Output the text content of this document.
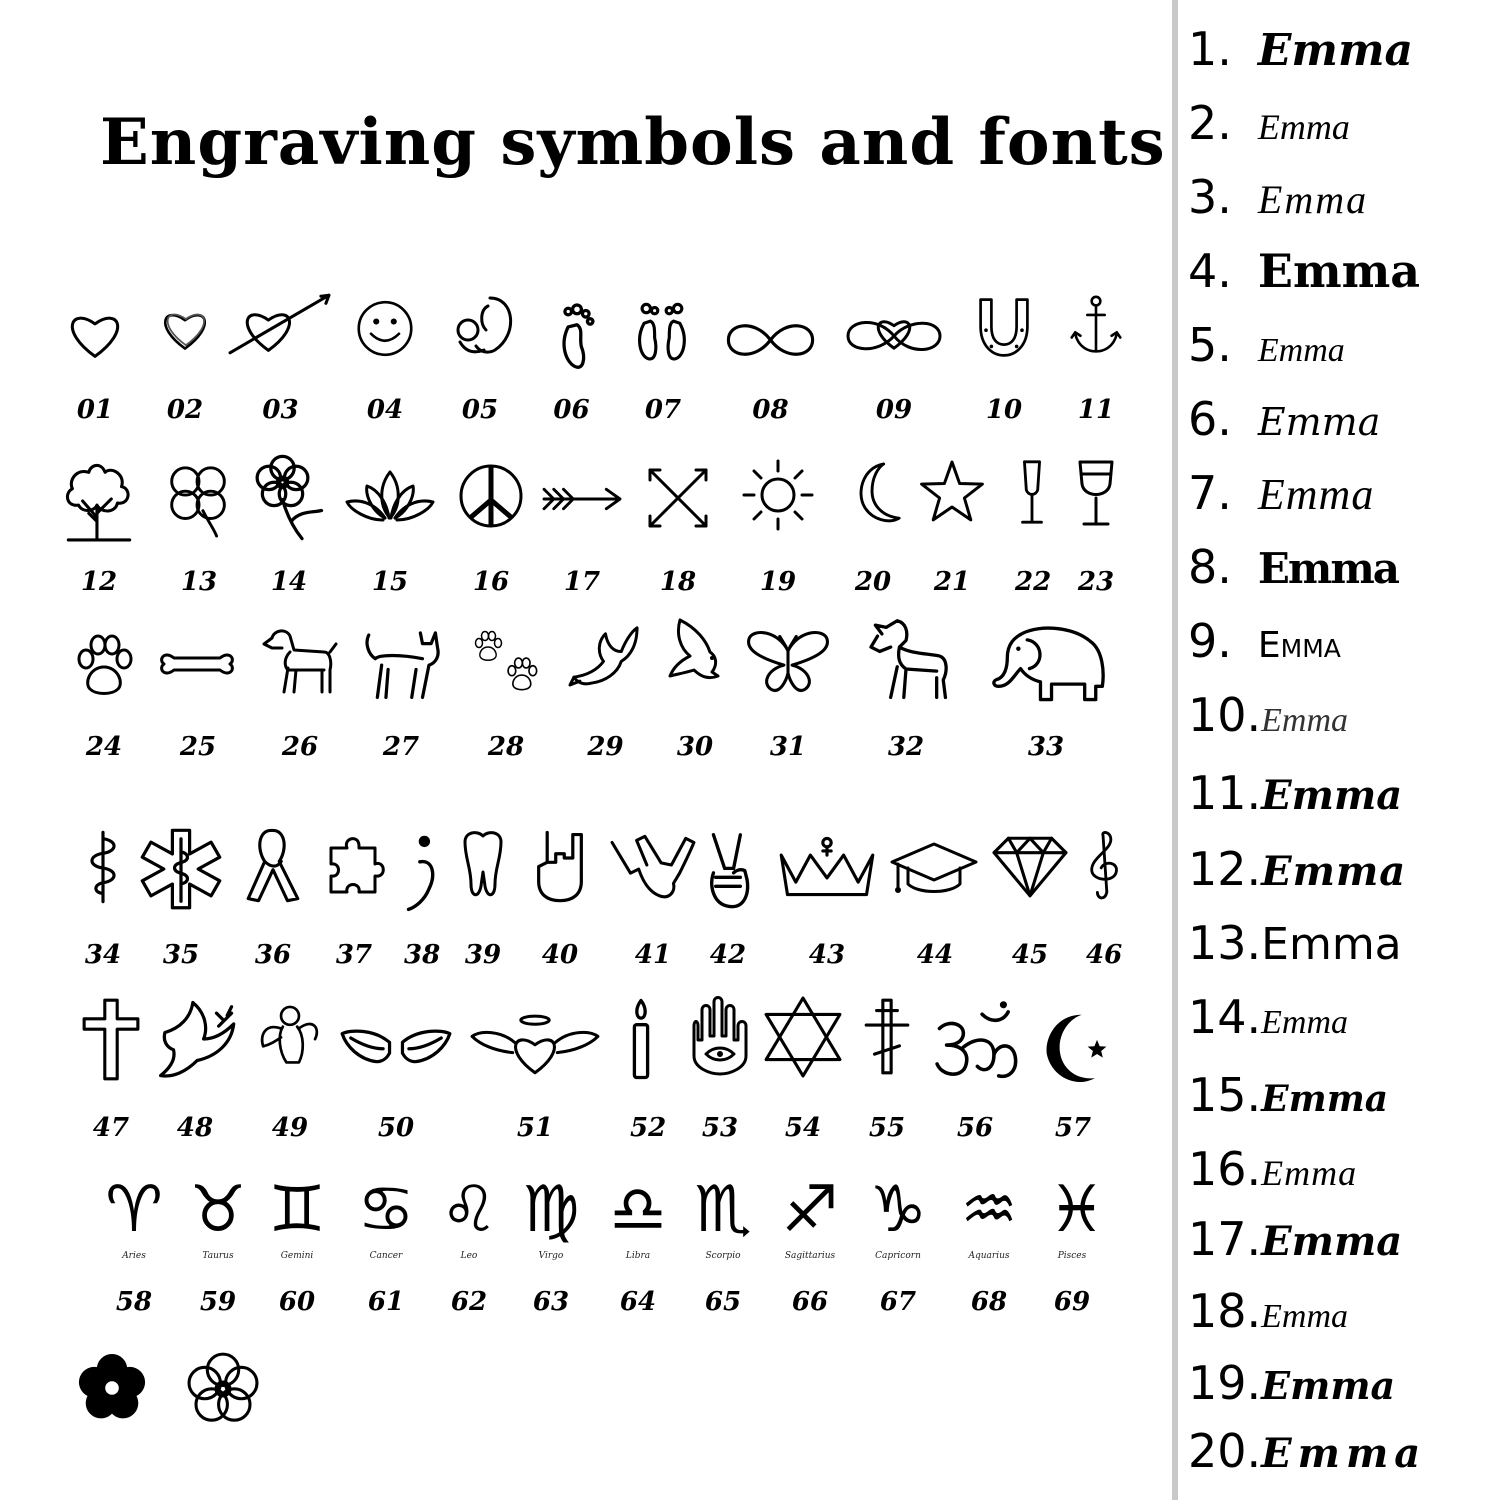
Engraving symbols and fonts
01	02	03	04	05	06	07	08	09	10	11
12	13	14	15	16	17	18	19	20	21	22 23
24	25	26	27	28	29	30	31	32	33
34	35	36	37	38 39	40	41	42	43	44	45	46
47	48	49	50	51	52	53	54	55	56	57
♈
Aries
58
♉
Taurus
59
♊
Gemini
60
♋
Cancer
61
♌
Leo
62
♍
Virgo
63
♎
Libra
64
♏
Scorpio
65
♐
Sagittarius
66
♑
Capricorn
67
♒
Aquarius
68
♓
Pisces
69
1. Emma
2. Emma
3. Emma
4. Emma
5. Emma
6. Emma
7. Emma
8. Emma
9. Emma
10.Emma
11.Emma
12.Emma
13.Emma
14.Emma
15.Emma
16.Emma
17.Emma
18.Emma
19.Emma
20.Emma
